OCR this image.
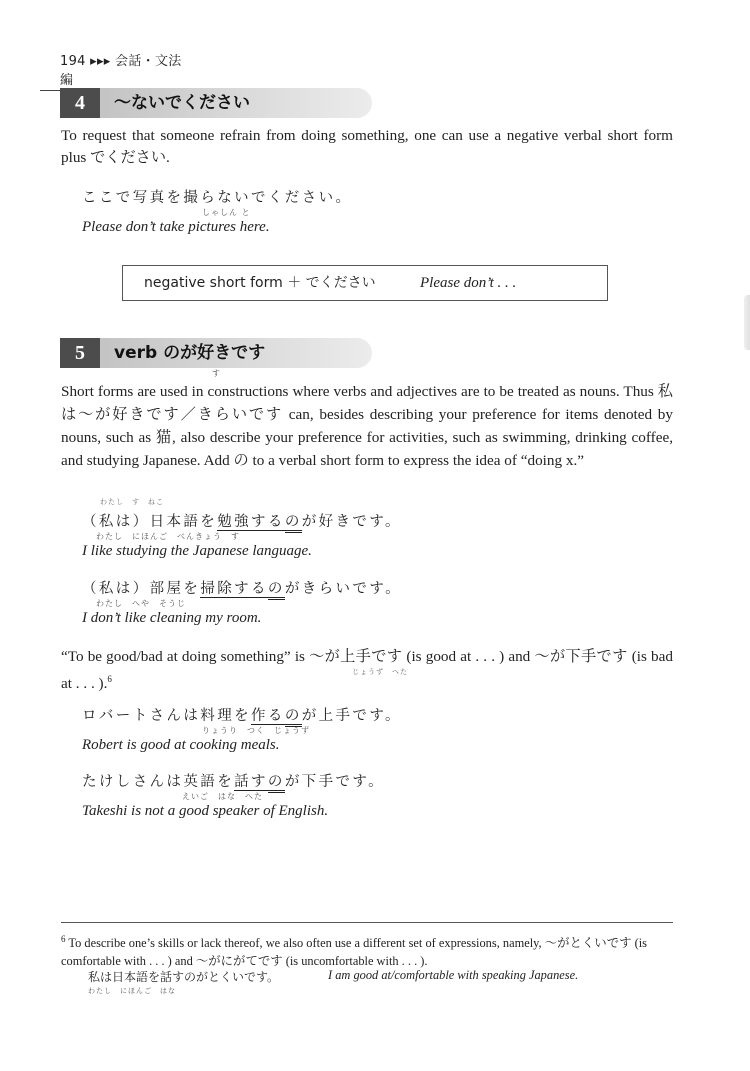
194 ▸▸▸ 会話・文法編
4	〜ないでください

To request that someone refrain from doing something, one can use a negative verbal short form plus でください.

ここで写真を撮らないでください。
しゃしん と
Please don’t take pictures here.
negative short form ＋ でください	Please don’t . . .
5	verb のが好きです
す

Short forms are used in constructions where verbs and adjectives are to be treated as nouns. Thus 私は〜が好きです／きらいです can, besides describing your preference for items denoted by nouns, such as 猫, also describe your preference for activities, such as swimming, drinking coffee, and studying Japanese. Add の to a verbal short form to express the idea of “doing x.”

わたし　す　ねこ
（私は）日本語を勉強するのが好きです。
わたし　にほんご　べんきょう　す
I like studying the Japanese language.
（私は）部屋を掃除するのがきらいです。
わたし　へや　そうじ
I don’t like cleaning my room.

“To be good/bad at doing something” is 〜が上手です (is good at . . . ) and 〜が下手です (is bad at . . . ).$^6$

じょうず　へた
ロバートさんは料理を作るのが上手です。
りょうり　つく　じょうず
Robert is good at cooking meals.
たけしさんは英語を話すのが下手です。
えいご　はな　へた
Takeshi is not a good speaker of English.

$^6$ To describe one’s skills or lack thereof, we also often use a different set of expressions, namely, 〜がとくいです (is comfortable with . . . ) and 〜がにがてです (is uncomfortable with . . . ).

私は日本語を話すのがとくいです。	I am good at/comfortable with speaking Japanese.
わたし　にほんご　はな
